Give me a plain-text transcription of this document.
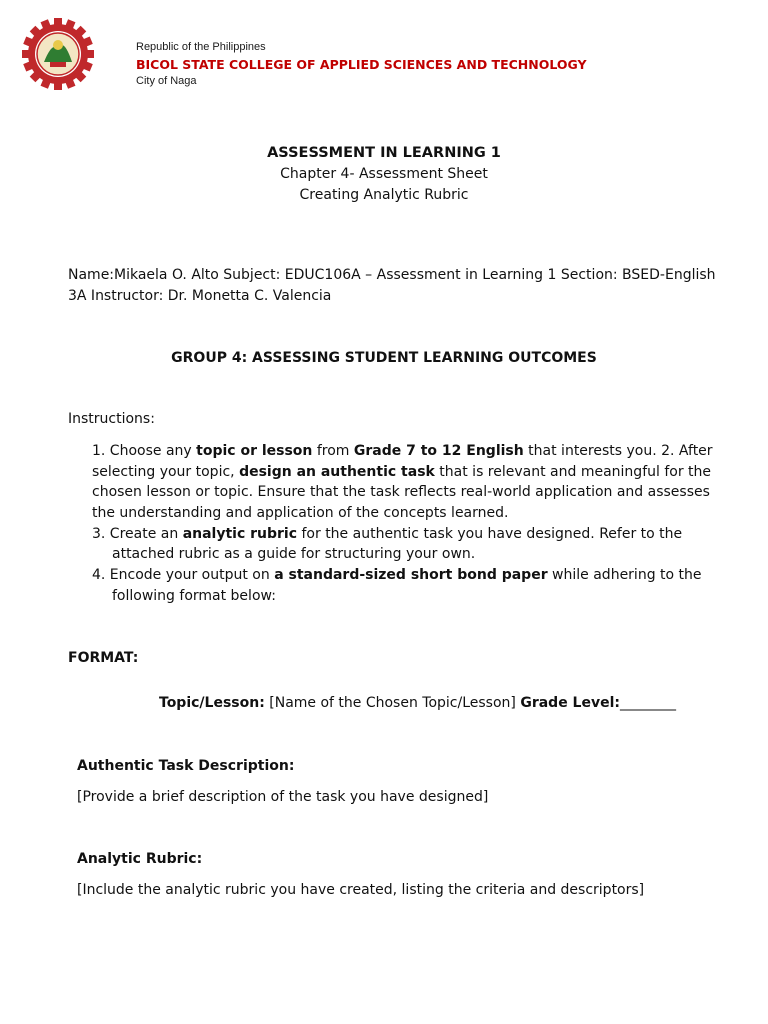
Republic of the Philippines
BICOL STATE COLLEGE OF APPLIED SCIENCES AND TECHNOLOGY
City of Naga
ASSESSMENT IN LEARNING 1
Chapter 4- Assessment Sheet
Creating Analytic Rubric
Name:Mikaela O. Alto Subject: EDUC106A – Assessment in Learning 1 Section: BSED-English
3A Instructor: Dr. Monetta C. Valencia
GROUP 4: ASSESSING STUDENT LEARNING OUTCOMES
Instructions:
1. Choose any topic or lesson from Grade 7 to 12 English that interests you. 2. After
selecting your topic, design an authentic task that is relevant and meaningful for the
chosen lesson or topic. Ensure that the task reflects real-world application and assesses
the understanding and application of the concepts learned.
3. Create an analytic rubric for the authentic task you have designed. Refer to the
attached rubric as a guide for structuring your own.
4. Encode your output on a standard-sized short bond paper while adhering to the
following format below:
FORMAT:
Topic/Lesson: [Name of the Chosen Topic/Lesson] Grade Level:________
Authentic Task Description:
[Provide a brief description of the task you have designed]
Analytic Rubric:
[Include the analytic rubric you have created, listing the criteria and descriptors]
